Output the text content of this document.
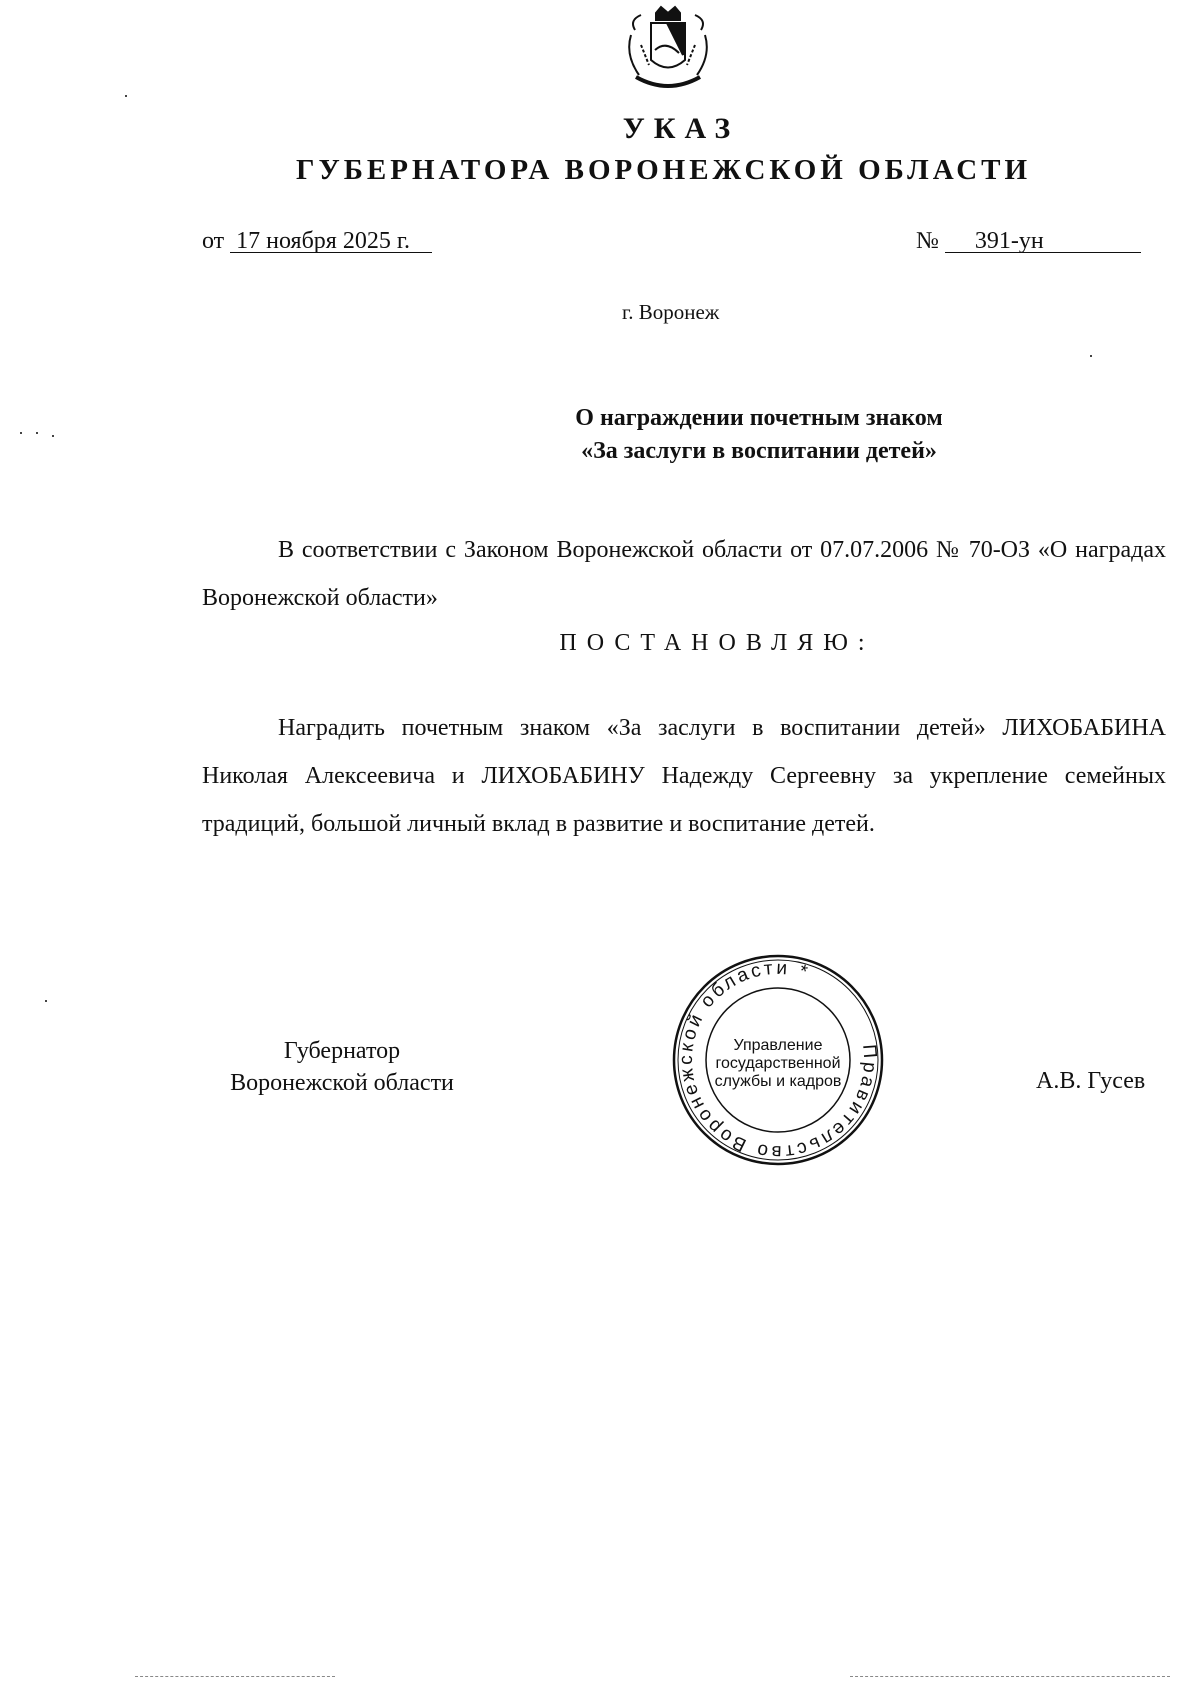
УКАЗ
ГУБЕРНАТОРА ВОРОНЕЖСКОЙ ОБЛАСТИ
от 17 ноября 2025 г.	№ 391-ун
г. Воронеж
О награждении почетным знаком
«За заслуги в воспитании детей»
В соответствии с Законом Воронежской области от 07.07.2006 № 70-ОЗ «О наградах Воронежской области»
ПОСТАНОВЛЯЮ:
Наградить почетным знаком «За заслуги в воспитании детей» ЛИХОБАБИНА Николая Алексеевича и ЛИХОБАБИНУ Надежду Сергеевну за укрепление семейных традиций, большой личный вклад в развитие и воспитание детей.
Губернатор
Воронежской области	А.В. Гусев
Правительство Воронежской области *
Управление
государственной
службы и кадров
